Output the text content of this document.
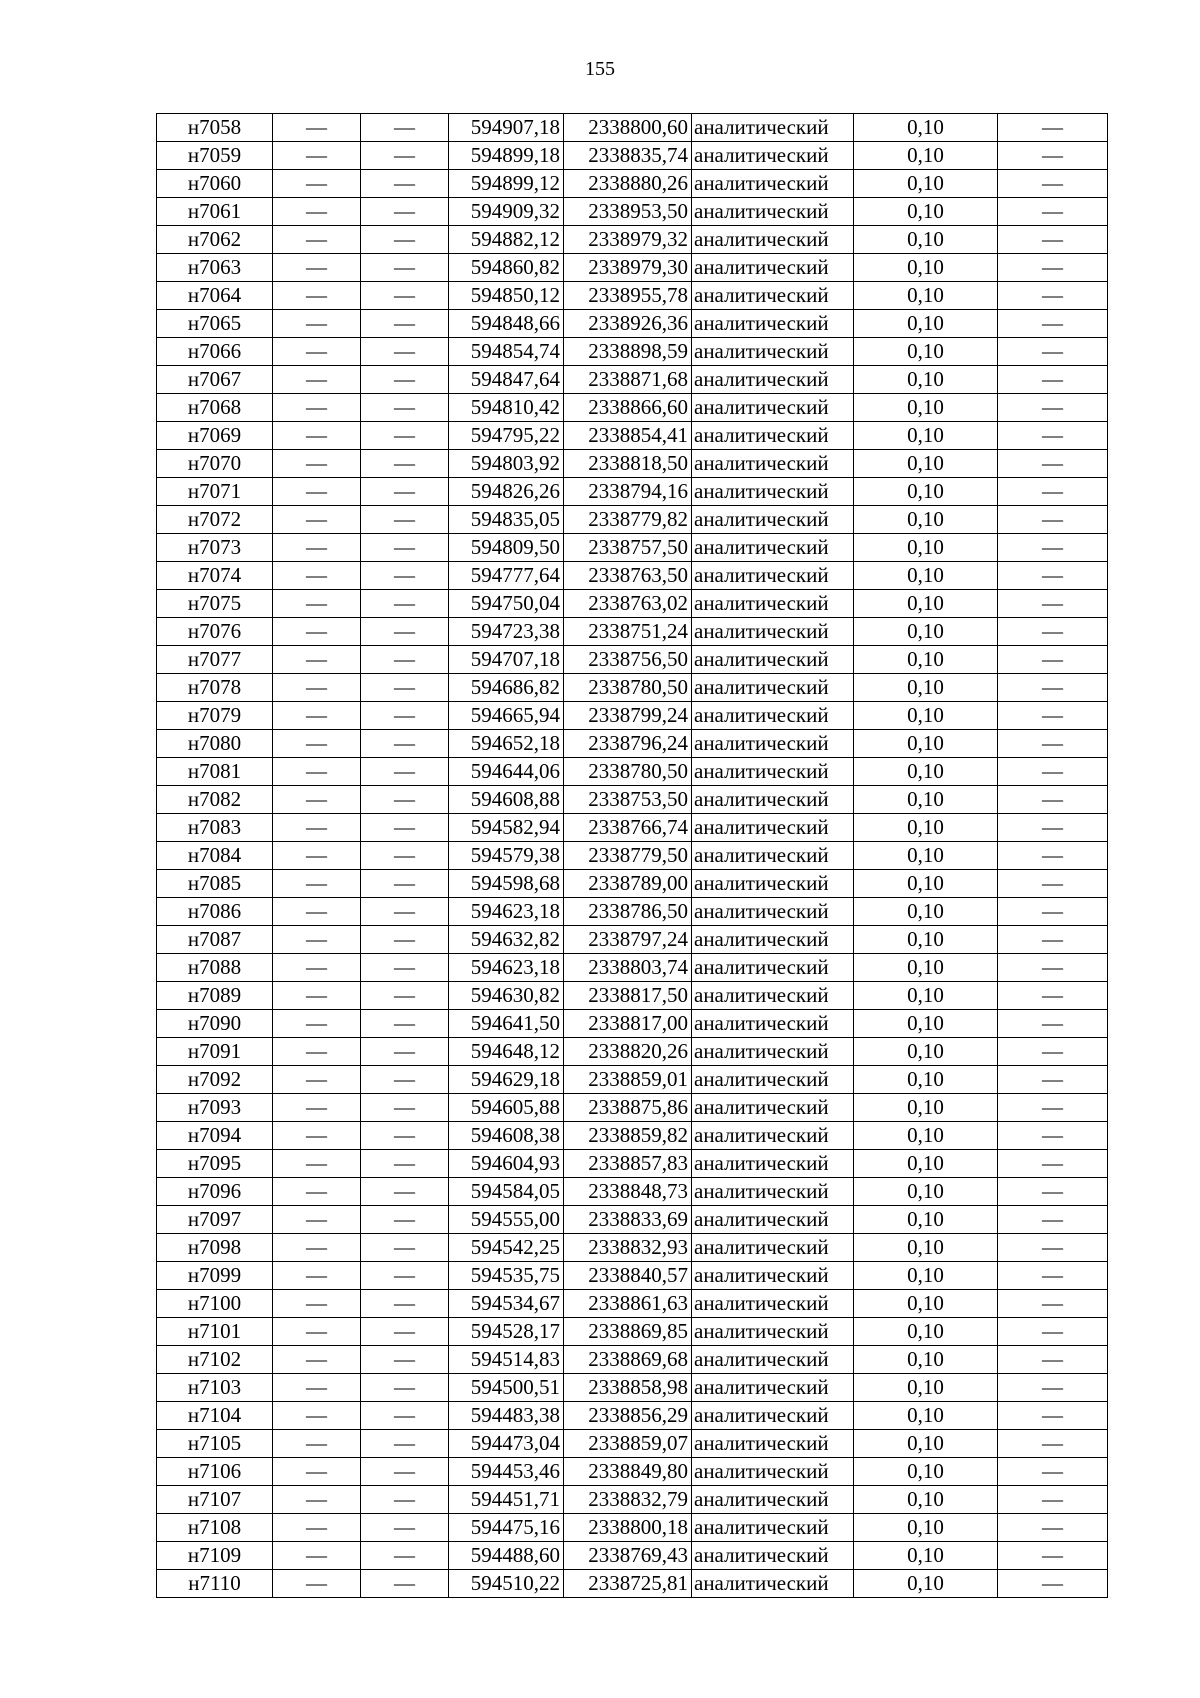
155
н7058	—	—	594907,18	2338800,60	аналитический	0,10	—
н7059	—	—	594899,18	2338835,74	аналитический	0,10	—
н7060	—	—	594899,12	2338880,26	аналитический	0,10	—
н7061	—	—	594909,32	2338953,50	аналитический	0,10	—
н7062	—	—	594882,12	2338979,32	аналитический	0,10	—
н7063	—	—	594860,82	2338979,30	аналитический	0,10	—
н7064	—	—	594850,12	2338955,78	аналитический	0,10	—
н7065	—	—	594848,66	2338926,36	аналитический	0,10	—
н7066	—	—	594854,74	2338898,59	аналитический	0,10	—
н7067	—	—	594847,64	2338871,68	аналитический	0,10	—
н7068	—	—	594810,42	2338866,60	аналитический	0,10	—
н7069	—	—	594795,22	2338854,41	аналитический	0,10	—
н7070	—	—	594803,92	2338818,50	аналитический	0,10	—
н7071	—	—	594826,26	2338794,16	аналитический	0,10	—
н7072	—	—	594835,05	2338779,82	аналитический	0,10	—
н7073	—	—	594809,50	2338757,50	аналитический	0,10	—
н7074	—	—	594777,64	2338763,50	аналитический	0,10	—
н7075	—	—	594750,04	2338763,02	аналитический	0,10	—
н7076	—	—	594723,38	2338751,24	аналитический	0,10	—
н7077	—	—	594707,18	2338756,50	аналитический	0,10	—
н7078	—	—	594686,82	2338780,50	аналитический	0,10	—
н7079	—	—	594665,94	2338799,24	аналитический	0,10	—
н7080	—	—	594652,18	2338796,24	аналитический	0,10	—
н7081	—	—	594644,06	2338780,50	аналитический	0,10	—
н7082	—	—	594608,88	2338753,50	аналитический	0,10	—
н7083	—	—	594582,94	2338766,74	аналитический	0,10	—
н7084	—	—	594579,38	2338779,50	аналитический	0,10	—
н7085	—	—	594598,68	2338789,00	аналитический	0,10	—
н7086	—	—	594623,18	2338786,50	аналитический	0,10	—
н7087	—	—	594632,82	2338797,24	аналитический	0,10	—
н7088	—	—	594623,18	2338803,74	аналитический	0,10	—
н7089	—	—	594630,82	2338817,50	аналитический	0,10	—
н7090	—	—	594641,50	2338817,00	аналитический	0,10	—
н7091	—	—	594648,12	2338820,26	аналитический	0,10	—
н7092	—	—	594629,18	2338859,01	аналитический	0,10	—
н7093	—	—	594605,88	2338875,86	аналитический	0,10	—
н7094	—	—	594608,38	2338859,82	аналитический	0,10	—
н7095	—	—	594604,93	2338857,83	аналитический	0,10	—
н7096	—	—	594584,05	2338848,73	аналитический	0,10	—
н7097	—	—	594555,00	2338833,69	аналитический	0,10	—
н7098	—	—	594542,25	2338832,93	аналитический	0,10	—
н7099	—	—	594535,75	2338840,57	аналитический	0,10	—
н7100	—	—	594534,67	2338861,63	аналитический	0,10	—
н7101	—	—	594528,17	2338869,85	аналитический	0,10	—
н7102	—	—	594514,83	2338869,68	аналитический	0,10	—
н7103	—	—	594500,51	2338858,98	аналитический	0,10	—
н7104	—	—	594483,38	2338856,29	аналитический	0,10	—
н7105	—	—	594473,04	2338859,07	аналитический	0,10	—
н7106	—	—	594453,46	2338849,80	аналитический	0,10	—
н7107	—	—	594451,71	2338832,79	аналитический	0,10	—
н7108	—	—	594475,16	2338800,18	аналитический	0,10	—
н7109	—	—	594488,60	2338769,43	аналитический	0,10	—
н7110	—	—	594510,22	2338725,81	аналитический	0,10	—
